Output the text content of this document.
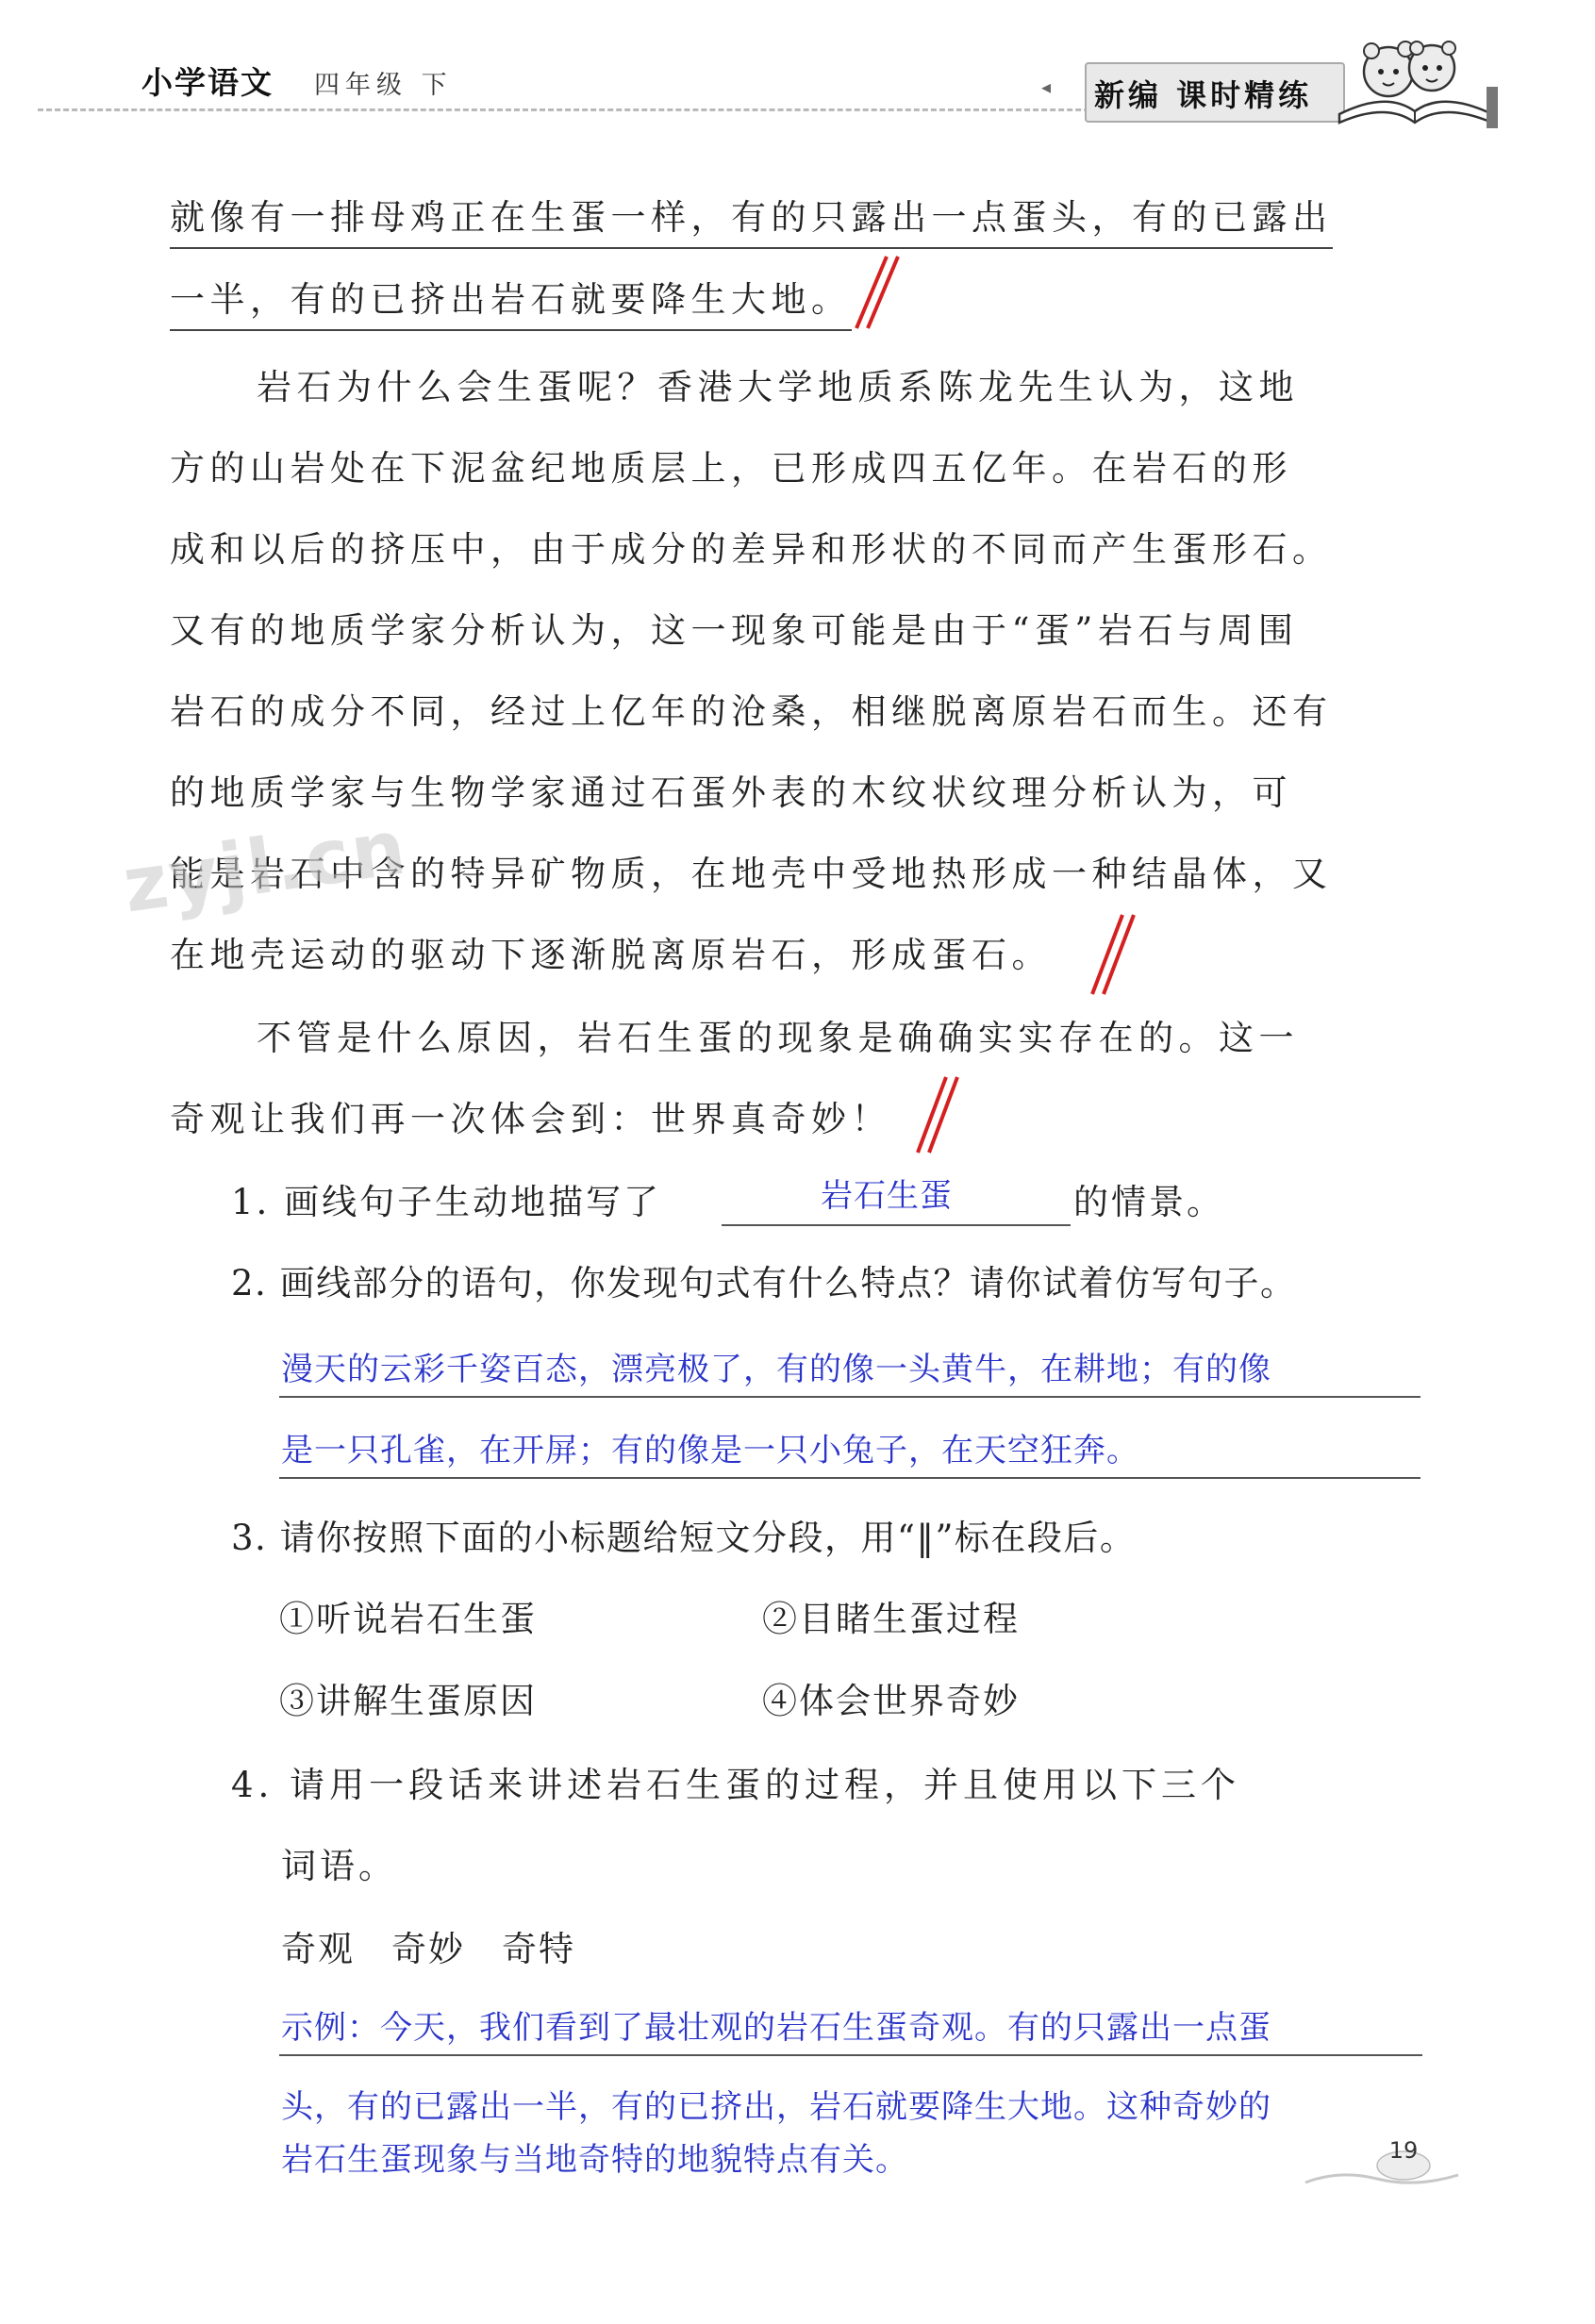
小学语文 四年级 下	◂ 新编 课时精练
就像有一排母鸡正在生蛋一样，有的只露出一点蛋头，有的已露出
一半，有的已挤出岩石就要降生大地。
岩石为什么会生蛋呢？香港大学地质系陈龙先生认为，这地
方的山岩处在下泥盆纪地质层上，已形成四五亿年。在岩石的形
成和以后的挤压中，由于成分的差异和形状的不同而产生蛋形石。
又有的地质学家分析认为，这一现象可能是由于“蛋”岩石与周围
岩石的成分不同，经过上亿年的沧桑，相继脱离原岩石而生。还有
的地质学家与生物学家通过石蛋外表的木纹状纹理分析认为，可
能是岩石中含的特异矿物质，在地壳中受地热形成一种结晶体，又
在地壳运动的驱动下逐渐脱离原岩石，形成蛋石。
zyjl.cn
不管是什么原因，岩石生蛋的现象是确确实实存在的。这一
奇观让我们再一次体会到：世界真奇妙！
1. 画线句子生动地描写了	岩石生蛋	的情景。
2. 画线部分的语句，你发现句式有什么特点？请你试着仿写句子。
漫天的云彩千姿百态，漂亮极了，有的像一头黄牛，在耕地；有的像
是一只孔雀，在开屏；有的像是一只小兔子，在天空狂奔。
3. 请你按照下面的小标题给短文分段，用“‖”标在段后。
①听说岩石生蛋	②目睹生蛋过程
③讲解生蛋原因	④体会世界奇妙
4. 请用一段话来讲述岩石生蛋的过程，并且使用以下三个
词语。
奇观　奇妙　奇特
示例：今天，我们看到了最壮观的岩石生蛋奇观。有的只露出一点蛋
头，有的已露出一半，有的已挤出，岩石就要降生大地。这种奇妙的
岩石生蛋现象与当地奇特的地貌特点有关。	19
